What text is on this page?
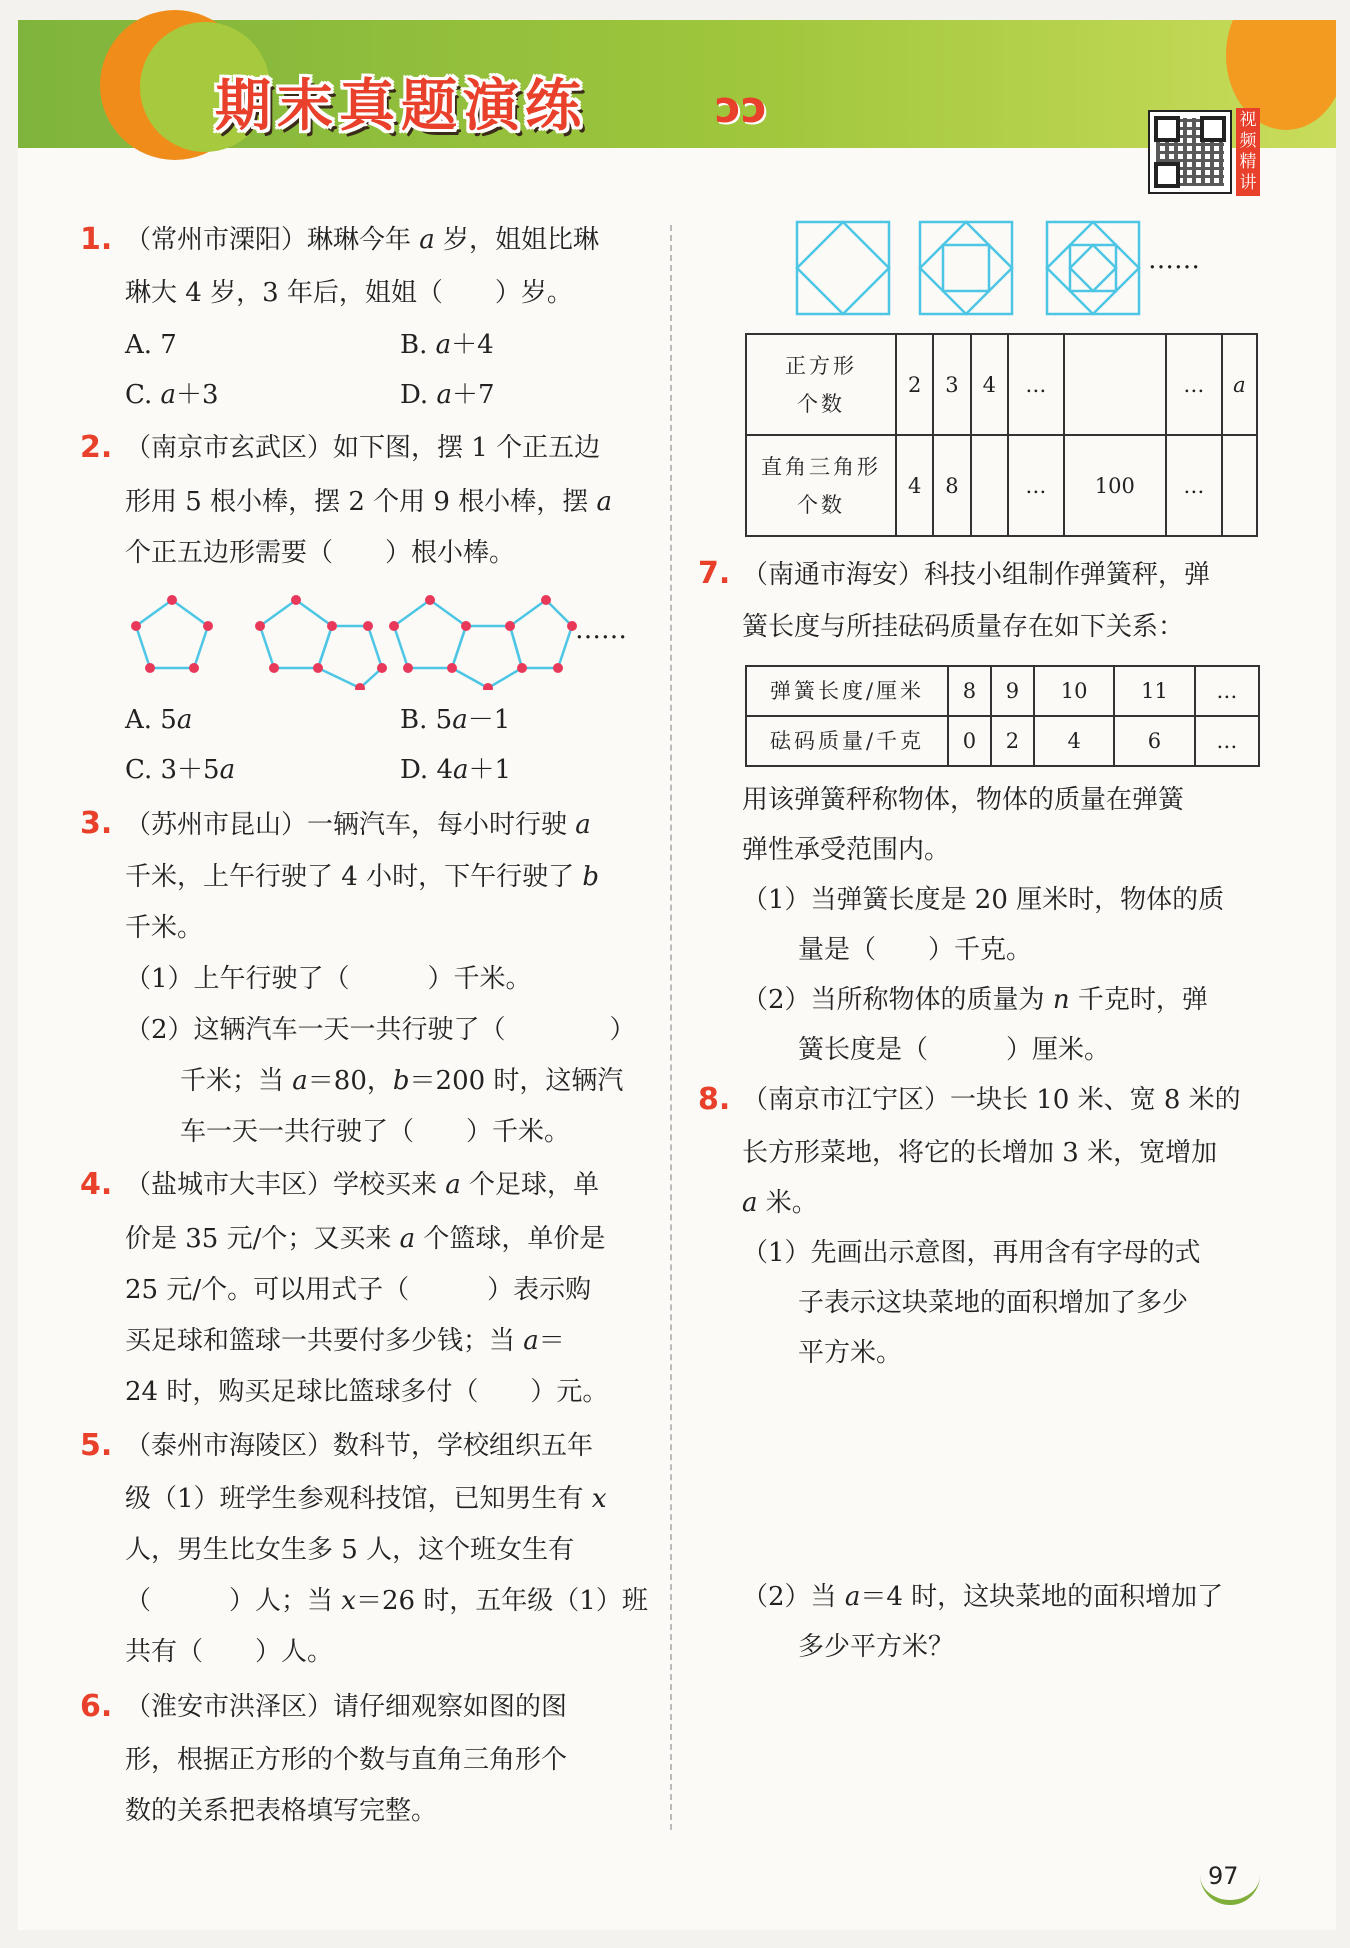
期末真题演练	ɔɔ	视频精讲
1. （常州市溧阳）琳琳今年 a 岁，姐姐比琳
琳大 4 岁，3 年后，姐姐（　　）岁。
A. 7	B. a＋4
C. a＋3	D. a＋7
2. （南京市玄武区）如下图，摆 1 个正五边
形用 5 根小棒，摆 2 个用 9 根小棒，摆 a
个正五边形需要（　　）根小棒。
……
A. 5a	B. 5a－1
C. 3＋5a	D. 4a＋1
3. （苏州市昆山）一辆汽车，每小时行驶 a
千米，上午行驶了 4 小时，下午行驶了 b
千米。
（1）上午行驶了（　　　）千米。
（2）这辆汽车一天一共行驶了（　　　　）
千米；当 a＝80，b＝200 时，这辆汽
车一天一共行驶了（　　）千米。
4. （盐城市大丰区）学校买来 a 个足球，单
价是 35 元/个；又买来 a 个篮球，单价是
25 元/个。可以用式子（　　　）表示购
买足球和篮球一共要付多少钱；当 a＝
24 时，购买足球比篮球多付（　　）元。
5. （泰州市海陵区）数科节，学校组织五年
级（1）班学生参观科技馆，已知男生有 x
人，男生比女生多 5 人，这个班女生有
（　　　）人；当 x＝26 时，五年级（1）班
共有（　　）人。
6. （淮安市洪泽区）请仔细观察如图的图
形，根据正方形的个数与直角三角形个
数的关系把表格填写完整。
……
正方形
个数	2	3	4	…		…	a
直角三角形
个数	4	8		…	100	…	
7. （南通市海安）科技小组制作弹簧秤，弹
簧长度与所挂砝码质量存在如下关系：
弹簧长度/厘米	8	9	10	11	…
砝码质量/千克	0	2	4	6	…
用该弹簧秤称物体，物体的质量在弹簧
弹性承受范围内。
（1）当弹簧长度是 20 厘米时，物体的质
量是（　　）千克。
（2）当所称物体的质量为 n 千克时，弹
簧长度是（　　　）厘米。
8. （南京市江宁区）一块长 10 米、宽 8 米的
长方形菜地，将它的长增加 3 米，宽增加
a 米。
（1）先画出示意图，再用含有字母的式
子表示这块菜地的面积增加了多少
平方米。
（2）当 a＝4 时，这块菜地的面积增加了
多少平方米？
97
